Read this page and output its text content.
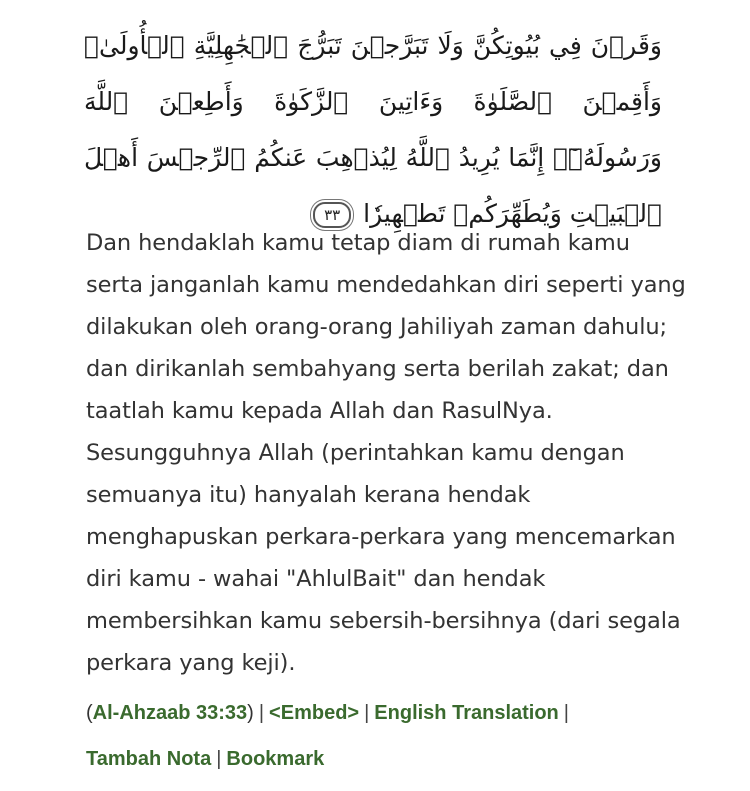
وَقَرۡنَ فِي بُيُوتِكُنَّ وَلَا تَبَرَّجۡنَ تَبَرُّجَ ٱلۡجَٰهِلِيَّةِ ٱلۡأُولَىٰۖ وَأَقِمۡنَ ٱلصَّلَوٰةَ وَءَاتِينَ ٱلزَّكَوٰةَ وَأَطِعۡنَ ٱللَّهَ وَرَسُولَهُۥٓۚ إِنَّمَا يُرِيدُ ٱللَّهُ لِيُذۡهِبَ عَنكُمُ ٱلرِّجۡسَ أَهۡلَ ٱلۡبَيۡتِ وَيُطَهِّرَكُمۡ تَطۡهِيرٗا ٣٣

Dan hendaklah kamu tetap diam di rumah kamu serta janganlah kamu mendedahkan diri seperti yang dilakukan oleh orang-orang Jahiliyah zaman dahulu; dan dirikanlah sembahyang serta berilah zakat; dan taatlah kamu kepada Allah dan RasulNya. Sesungguhnya Allah (perintahkan kamu dengan semuanya itu) hanyalah kerana hendak menghapuskan perkara-perkara yang mencemarkan diri kamu - wahai "AhlulBait" dan hendak membersihkan kamu sebersih-bersihnya (dari segala perkara yang keji).

(Al-Ahzaab 33:33) | <Embed> | English Translation |
Tambah Nota | Bookmark
